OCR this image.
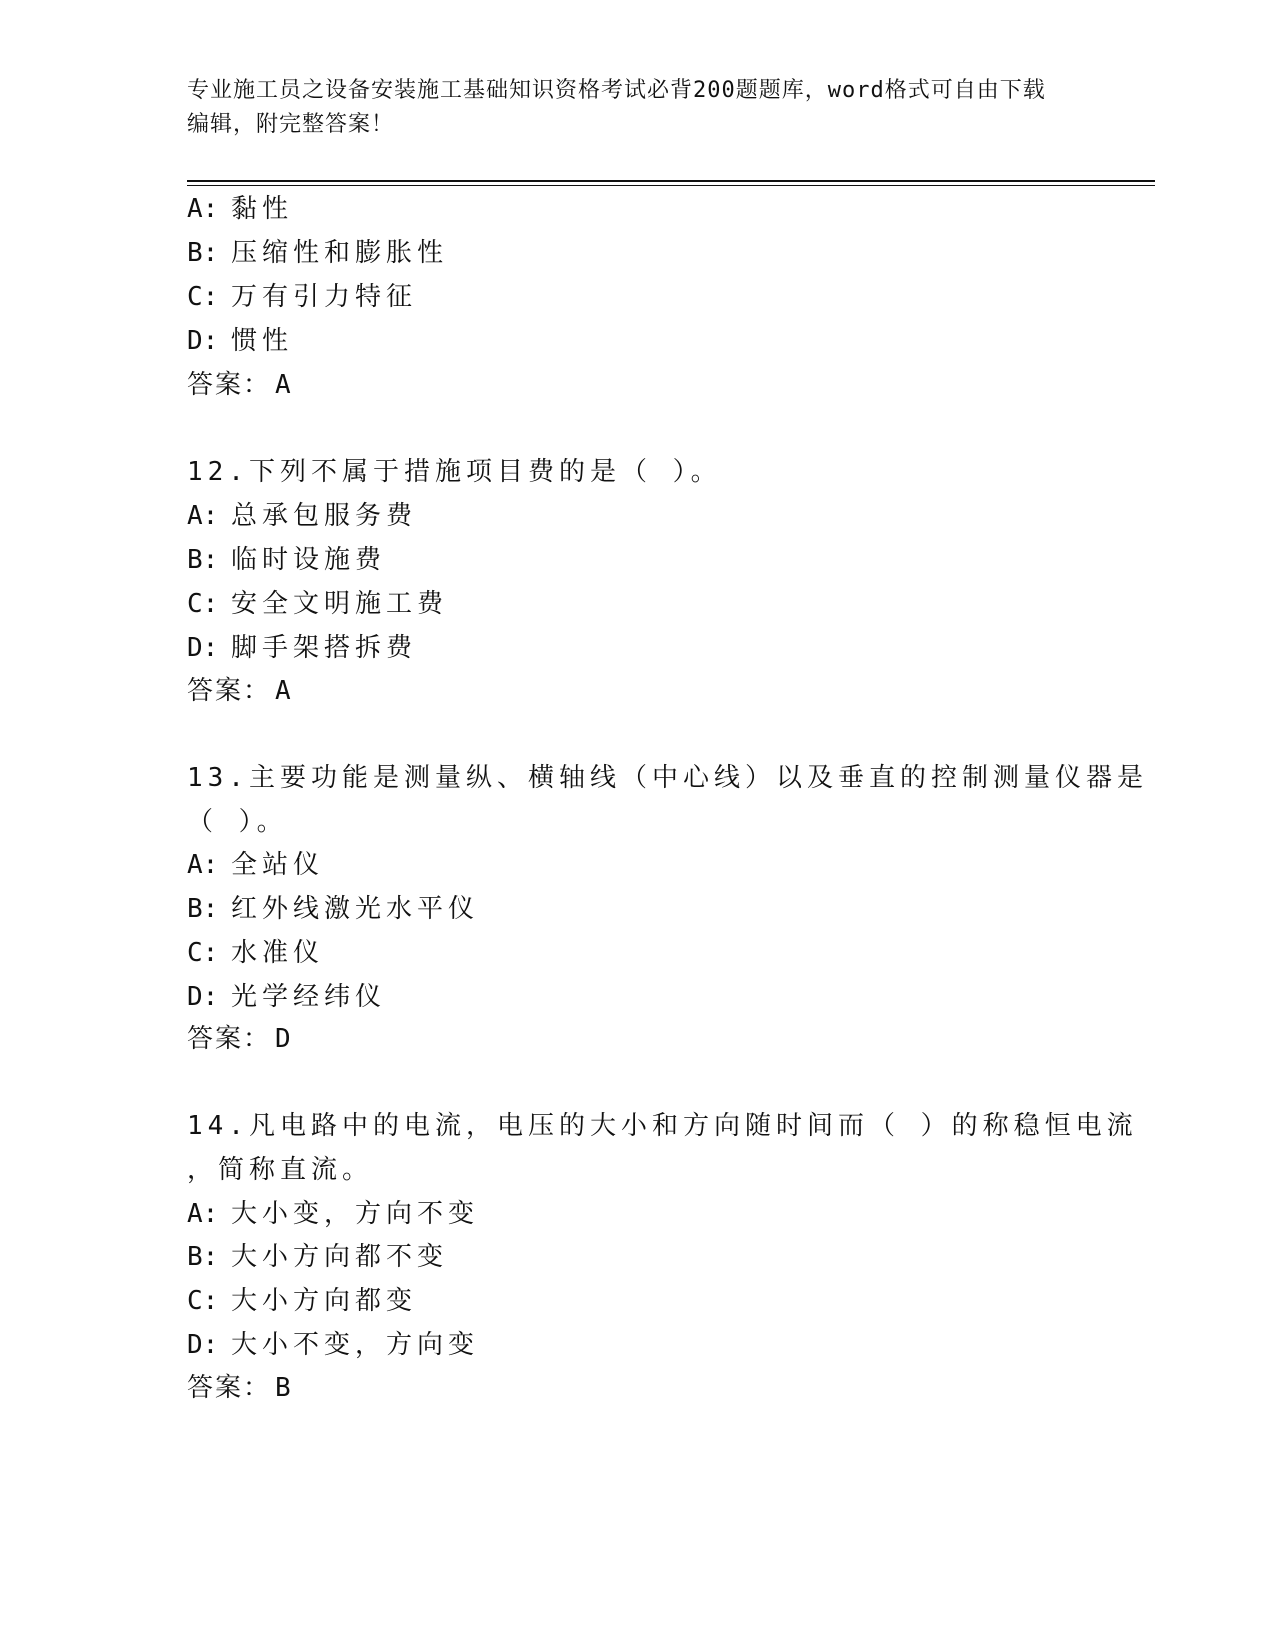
专业施工员之设备安装施工基础知识资格考试必背200题题库，word格式可自由下载编辑，附完整答案！
A: 黏性
B: 压缩性和膨胀性
C: 万有引力特征
D: 惯性
答案： A
12.下列不属于措施项目费的是（ ）。
A: 总承包服务费
B: 临时设施费
C: 安全文明施工费
D: 脚手架搭拆费
答案： A
13.主要功能是测量纵、横轴线（中心线）以及垂直的控制测量仪器是
（ ）。
A: 全站仪
B: 红外线激光水平仪
C: 水准仪
D: 光学经纬仪
答案： D
14.凡电路中的电流，电压的大小和方向随时间而（ ）的称稳恒电流
，简称直流。
A: 大小变，方向不变
B: 大小方向都不变
C: 大小方向都变
D: 大小不变，方向变
答案： B
